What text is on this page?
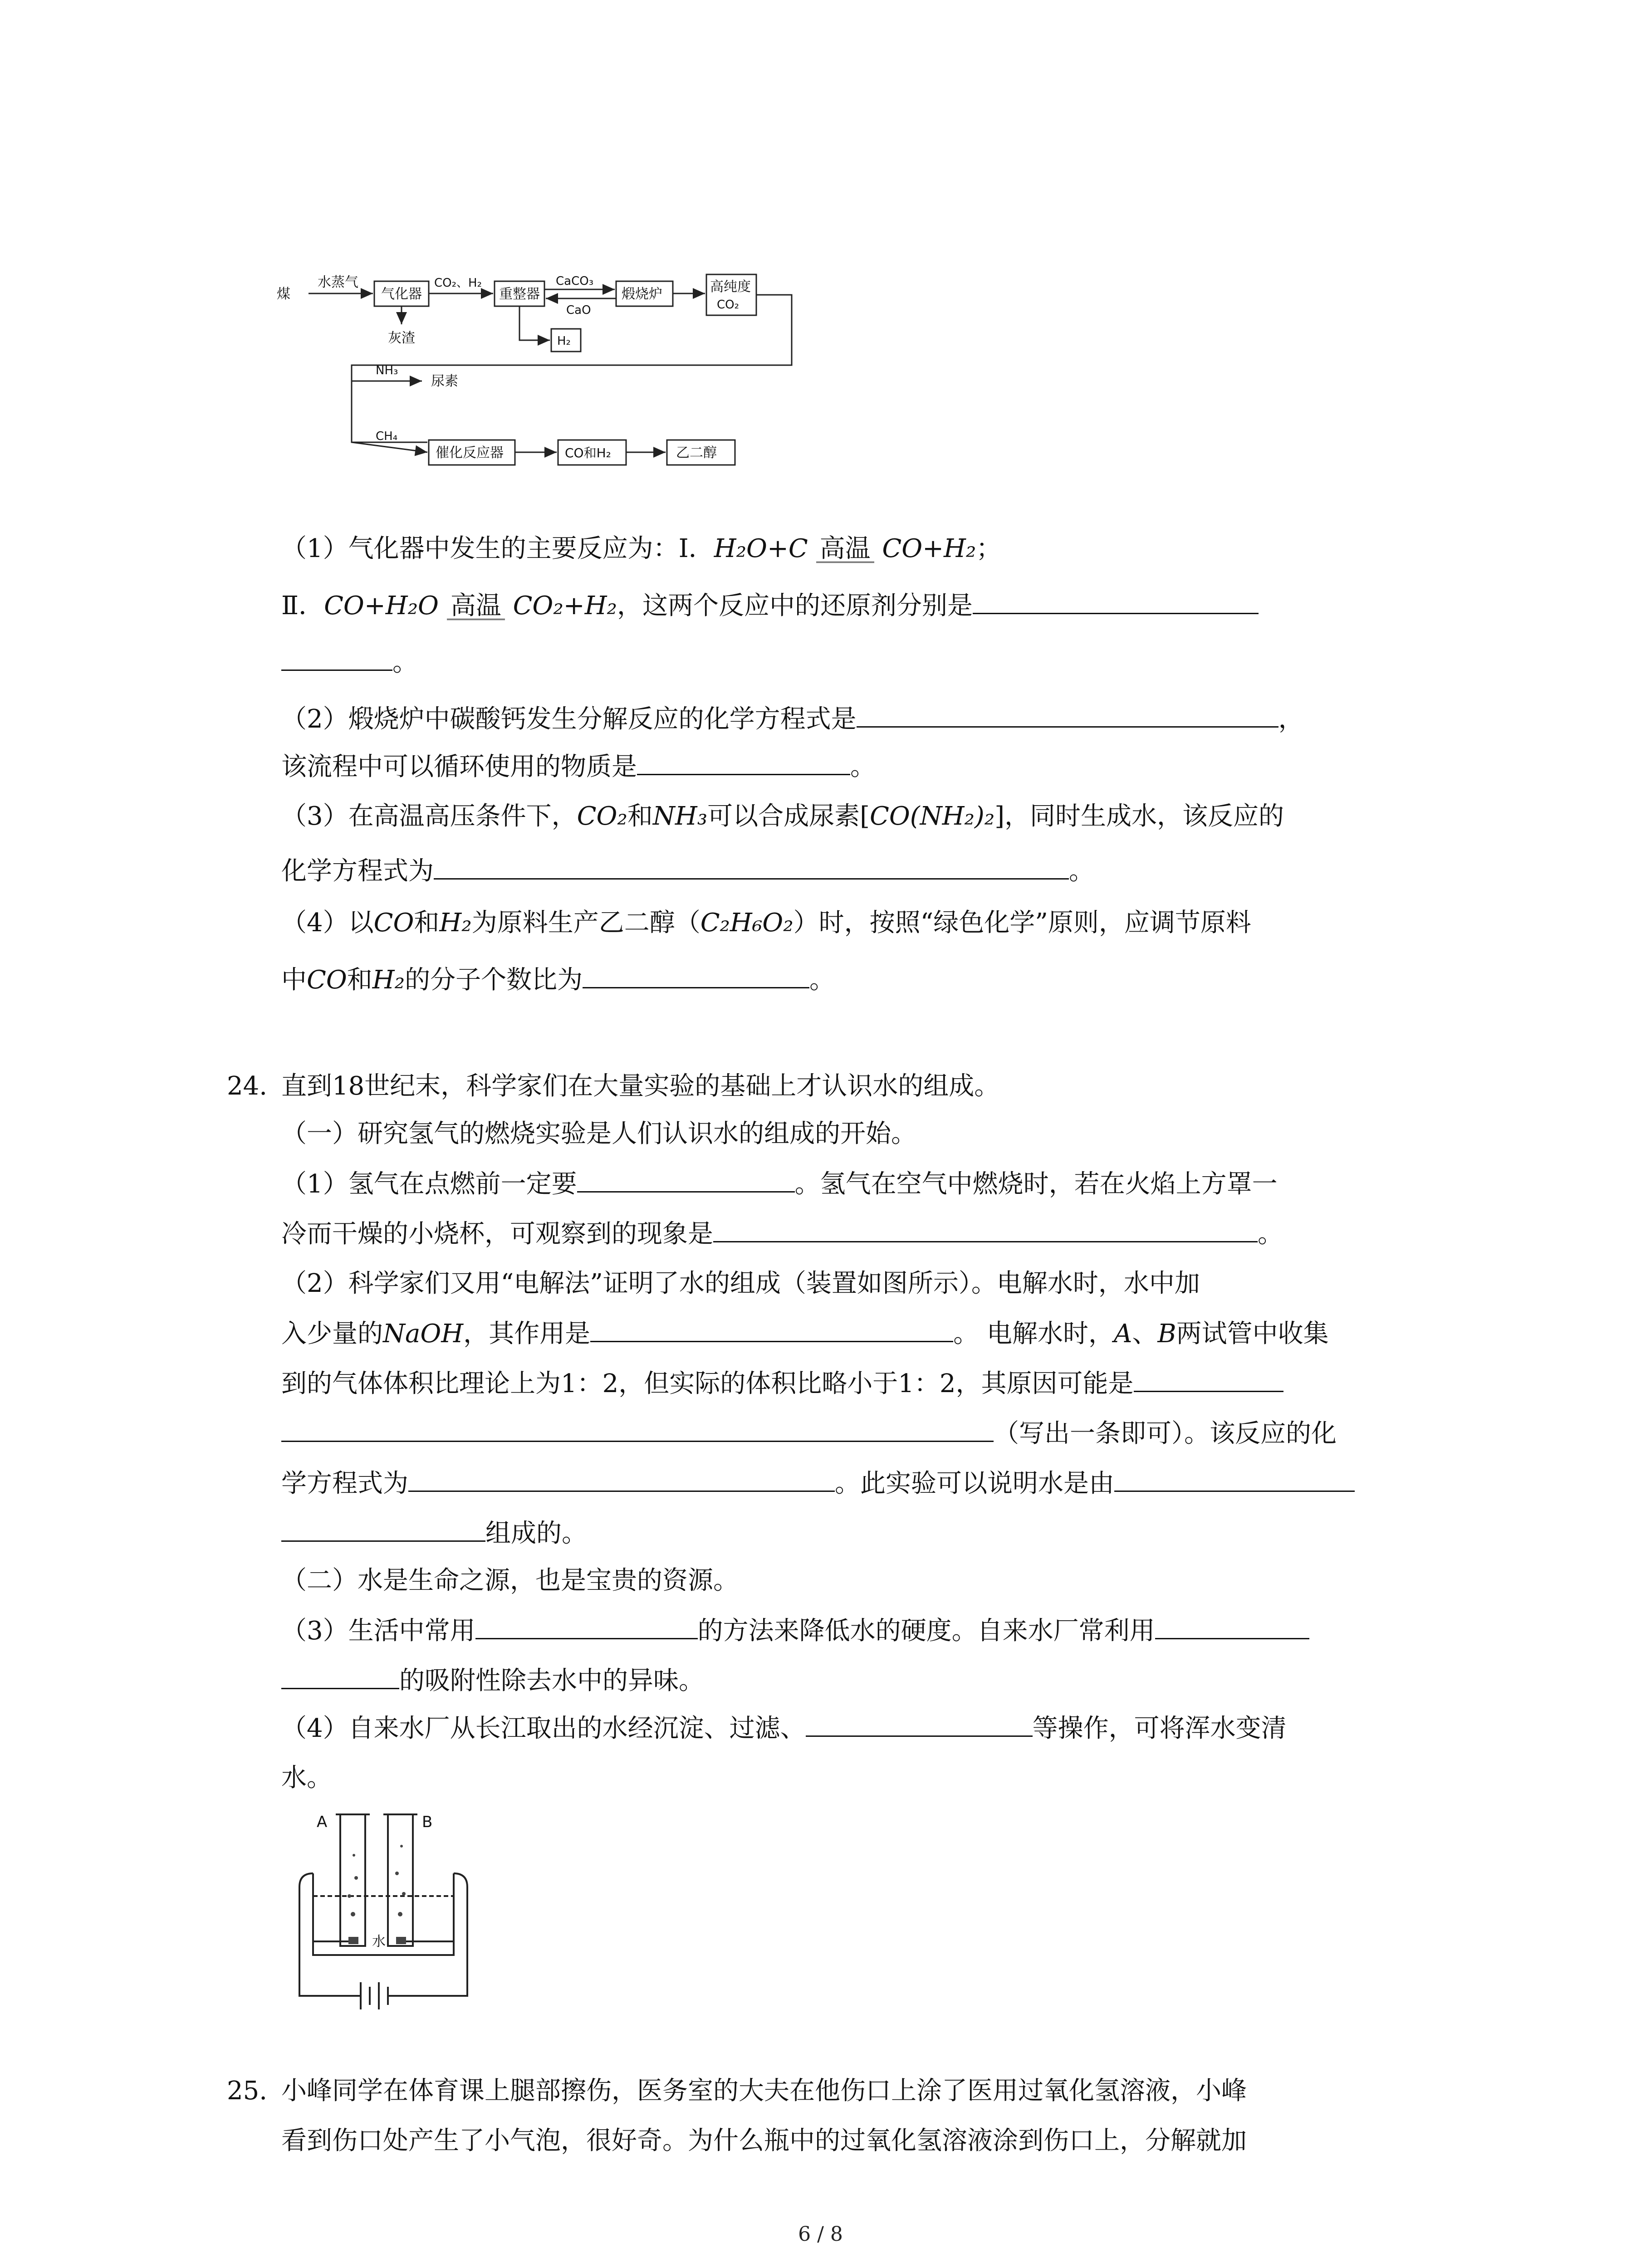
煤
水蒸气
气化器
CO₂、H₂
重整器
CaCO₃
CaO
煅烧炉	高纯度
CO₂
灰渣	H₂
NH₃
尿素
CH₄
催化反应器	CO和H₂	乙二醇
（1）气化器中发生的主要反应为：Ⅰ．H₂O+C 高温 CO+H₂；
Ⅱ．CO+H₂O 高温 CO₂+H₂，这两个反应中的还原剂分别是
。
（2）煅烧炉中碳酸钙发生分解反应的化学方程式是	，
该流程中可以循环使用的物质是	。
（3）在高温高压条件下，CO₂和NH₃可以合成尿素[CO(NH₂)₂]，同时生成水，该反应的
化学方程式为	。
（4）以CO和H₂为原料生产乙二醇（C₂H₆O₂）时，按照“绿色化学”原则，应调节原料
中CO和H₂的分子个数比为	。
24. 直到18世纪末，科学家们在大量实验的基础上才认识水的组成。
（一）研究氢气的燃烧实验是人们认识水的组成的开始。
（1）氢气在点燃前一定要	。氢气在空气中燃烧时，若在火焰上方罩一
冷而干燥的小烧杯，可观察到的现象是	。
（2）科学家们又用“电解法”证明了水的组成（装置如图所示）。电解水时，水中加
入少量的NaOH，其作用是	。 电解水时，A、B两试管中收集
到的气体体积比理论上为1：2，但实际的体积比略小于1：2，其原因可能是
（写出一条即可）。该反应的化
学方程式为	。此实验可以说明水是由
组成的。
（二）水是生命之源，也是宝贵的资源。
（3）生活中常用	的方法来降低水的硬度。自来水厂常利用
的吸附性除去水中的异味。
（4）自来水厂从长江取出的水经沉淀、过滤、	等操作，可将浑水变清
水。
A	B
水
25. 小峰同学在体育课上腿部擦伤，医务室的大夫在他伤口上涂了医用过氧化氢溶液，小峰
看到伤口处产生了小气泡，很好奇。为什么瓶中的过氧化氢溶液涂到伤口上，分解就加
6 / 8
